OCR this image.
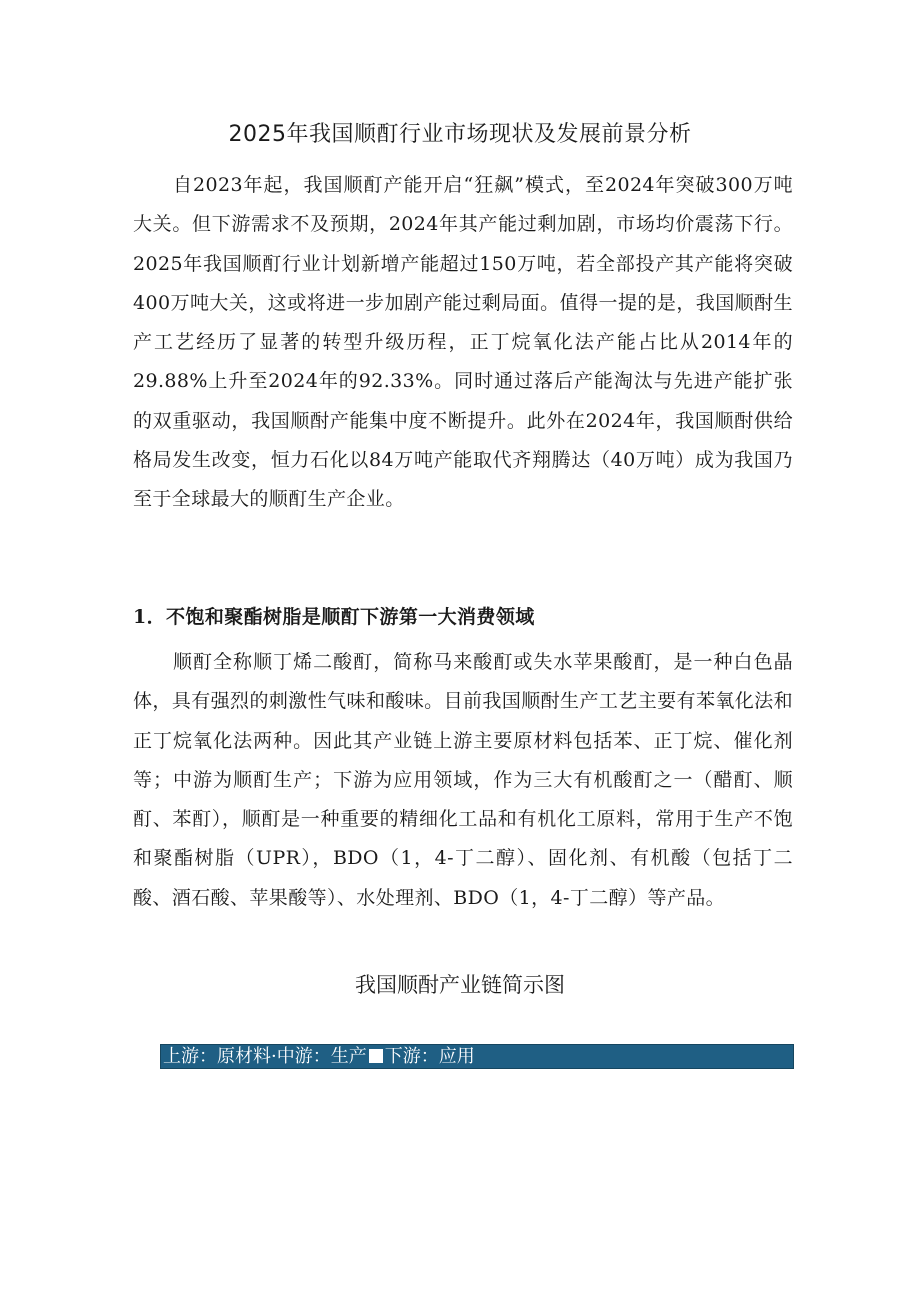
2025年我国顺酊行业市场现状及发展前景分析

自2023年起，我国顺酊产能开启“狂飙”模式，至2024年突破300万吨大关。但下游需求不及预期，2024年其产能过剩加剧，市场均价震荡下行。2025年我国顺酊行业计划新增产能超过150万吨，若全部投产其产能将突破400万吨大关，这或将进一步加剧产能过剩局面。值得一提的是，我国顺酎生产工艺经历了显著的转型升级历程，正丁烷氧化法产能占比从2014年的29.88%上升至2024年的92.33%。同时通过落后产能淘汰与先进产能扩张的双重驱动，我国顺酎产能集中度不断提升。此外在2024年，我国顺酎供给格局发生改变，恒力石化以84万吨产能取代齐翔腾达（40万吨）成为我国乃至于全球最大的顺酊生产企业。

1．不饱和聚酯树脂是顺酊下游第一大消费领域

顺酊全称顺丁烯二酸酊，简称马来酸酊或失水苹果酸酊，是一种白色晶体，具有强烈的刺激性气味和酸味。目前我国顺酎生产工艺主要有苯氧化法和正丁烷氧化法两种。因此其产业链上游主要原材料包括苯、正丁烷、催化剂等；中游为顺酊生产；下游为应用领域，作为三大有机酸酊之一（醋酊、顺酊、苯酊），顺酊是一种重要的精细化工品和有机化工原料，常用于生产不饱和聚酯树脂（UPR），BDO（1，4-丁二醇）、固化剂、有机酸（包括丁二酸、酒石酸、苹果酸等）、水处理剂、BDO（1，4-丁二醇）等产品。

我国顺酎产业链简示图
上游：原材料·中游：生产 下游：应用
